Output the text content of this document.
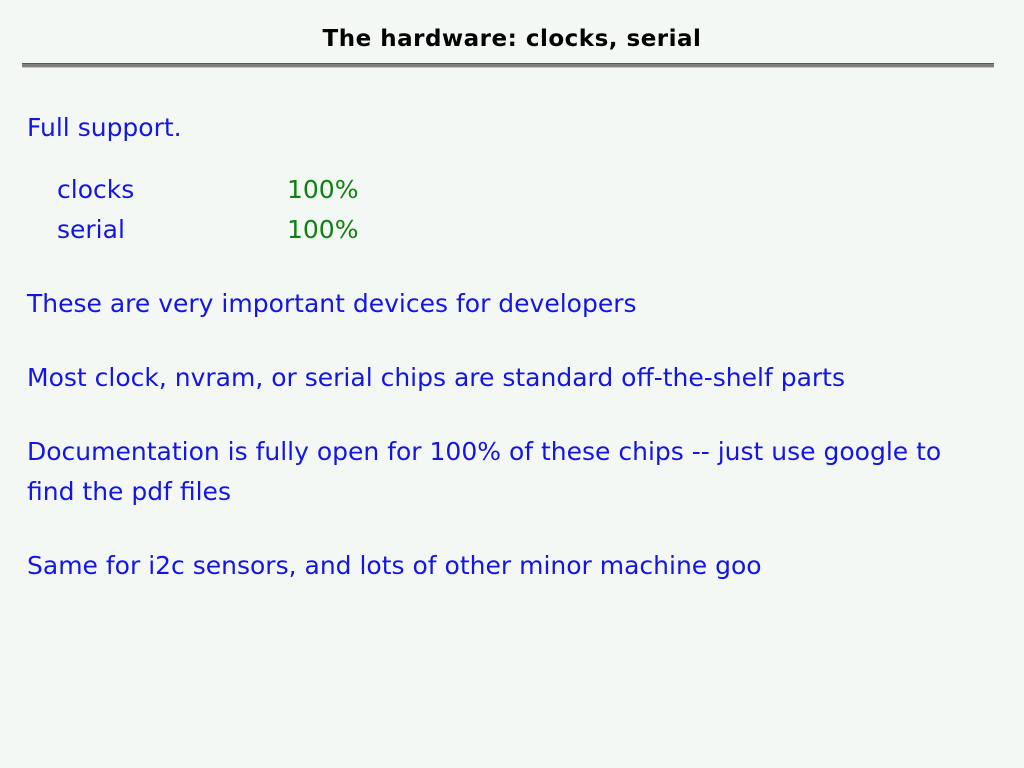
The hardware: clocks, serial
Full support.
clocks	100%
serial	100%
These are very important devices for developers
Most clock, nvram, or serial chips are standard off-the-shelf parts
Documentation is fully open for 100% of these chips -- just use google to find the pdf files
Same for i2c sensors, and lots of other minor machine goo
